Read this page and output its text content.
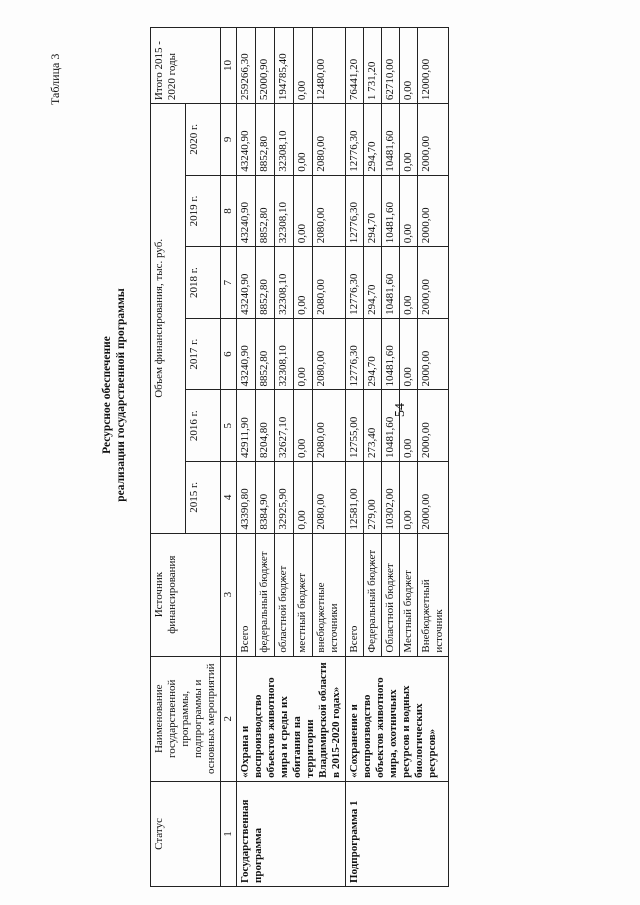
54
Таблица 3
Ресурсное обеспечение реализации государственной программы
Статус	Наименование государственной программы, подпрограммы и основных мероприятий	Источник финансирования	Объем финансирования, тыс. руб.						Итого 2015 - 2020 годы
			2015 г.	2016 г.	2017 г.	2018 г.	2019 г.	2020 г.	
1	2	3	4	5	6	7	8	9	10
Государственная программа	«Охрана и воспроизводство объектов животного мира и среды их обитания на территории Владимирской области в 2015-2020 годах»	Всего	43390,80	42911,90	43240,90	43240,90	43240,90	43240,90	259266,30
		федеральный бюджет	8384,90	8204,80	8852,80	8852,80	8852,80	8852,80	52000,90
		областной бюджет	32925,90	32627,10	32308,10	32308,10	32308,10	32308,10	194785,40
		местный бюджет	0,00	0,00	0,00	0,00	0,00	0,00	0,00
		внебюджетные источники	2080,00	2080,00	2080,00	2080,00	2080,00	2080,00	12480,00
Подпрограмма 1	«Сохранение и воспроизводство объектов животного мира, охотничьих ресурсов и водных биологических ресурсов»	Всего	12581,00	12755,00	12776,30	12776,30	12776,30	12776,30	76441,20
		Федеральный бюджет	279,00	273,40	294,70	294,70	294,70	294,70	1 731,20
		Областной бюджет	10302,00	10481,60	10481,60	10481,60	10481,60	10481,60	62710,00
		Местный бюджет	0,00	0,00	0,00	0,00	0,00	0,00	0,00
		Внебюджетный источник	2000,00	2000,00	2000,00	2000,00	2000,00	2000,00	12000,00
